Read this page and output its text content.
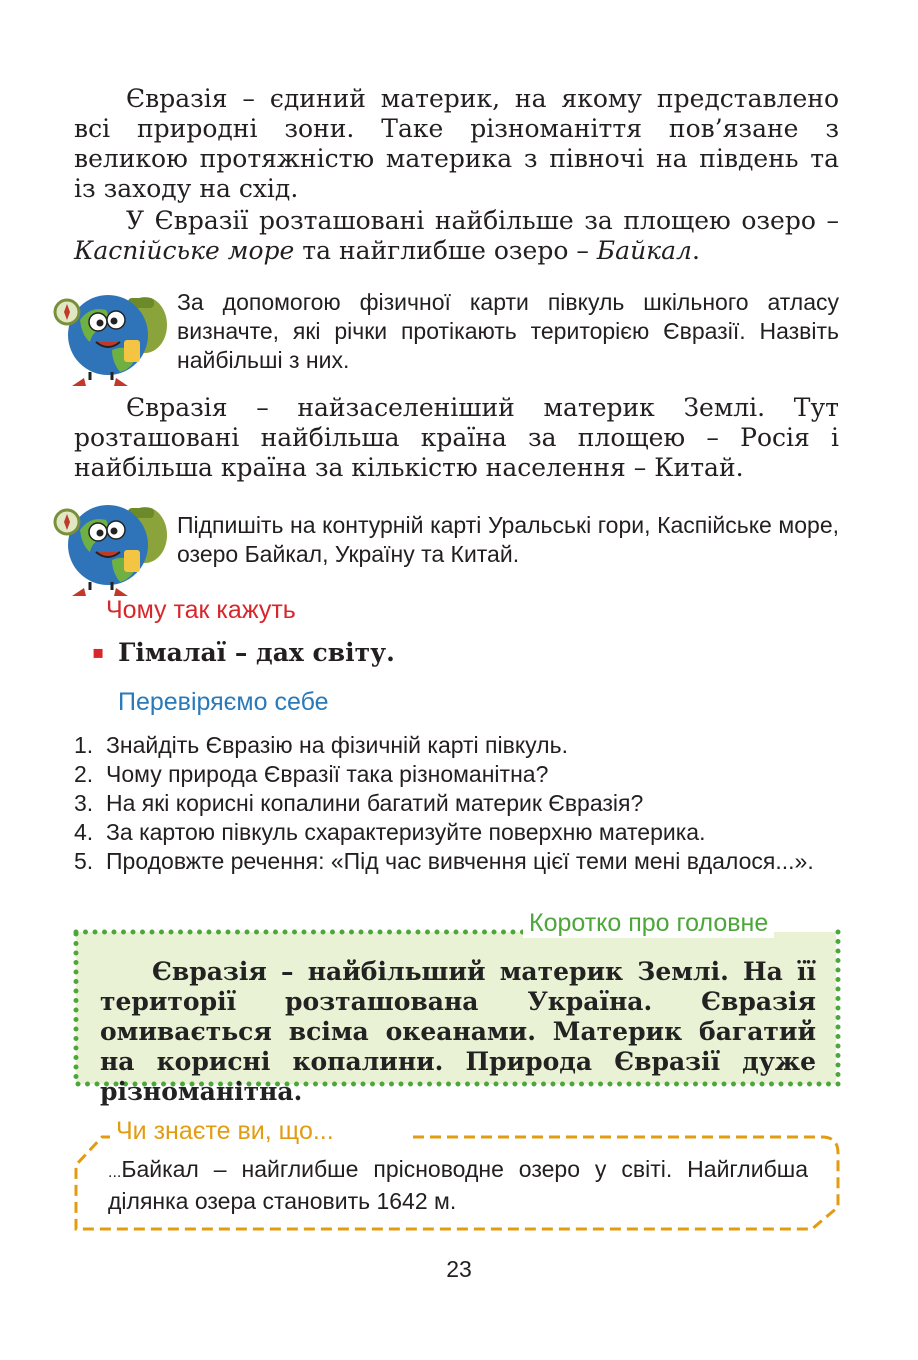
Євразія – єдиний материк, на якому представлено всі природні зони. Таке різноманіття пов’язане з великою протяжністю материка з півночі на південь та із заходу на схід.

У Євразії розташовані найбільше за площею озеро – Каспійське море та найглибше озеро – Байкал.

За допомогою фізичної карти півкуль шкільного атласу визначте, які річки протікають територією Євразії. Назвіть найбільші з них.

Євразія – найзаселеніший материк Землі. Тут розташовані найбільша країна за площею – Росія і найбільша країна за кількістю населення – Китай.

Підпишіть на контурній карті Уральські гори, Каспійське море, озеро Байкал, Україну та Китай.

Чому так кажуть
▪ Гімалаї – дах світу.
Перевіряємо себе
1. Знайдіть Євразію на фізичній карті півкуль.
2. Чому природа Євразії така різноманітна?
3. На які корисні копалини багатий материк Євразія?
4. За картою півкуль схарактеризуйте поверхню материка.
5. Продовжте речення: «Під час вивчення цієї теми мені вдалося...».
Коротко про головне

Євразія – найбільший материк Землі. На її території розташована Україна. Євразія омивається всіма океанами. Материк багатий на корисні копалини. Природа Євразії дуже різноманітна.

Чи знаєте ви, що...

...Байкал – найглибше прісноводне озеро у світі. Найглибша ділянка озера становить 1642 м.

23
